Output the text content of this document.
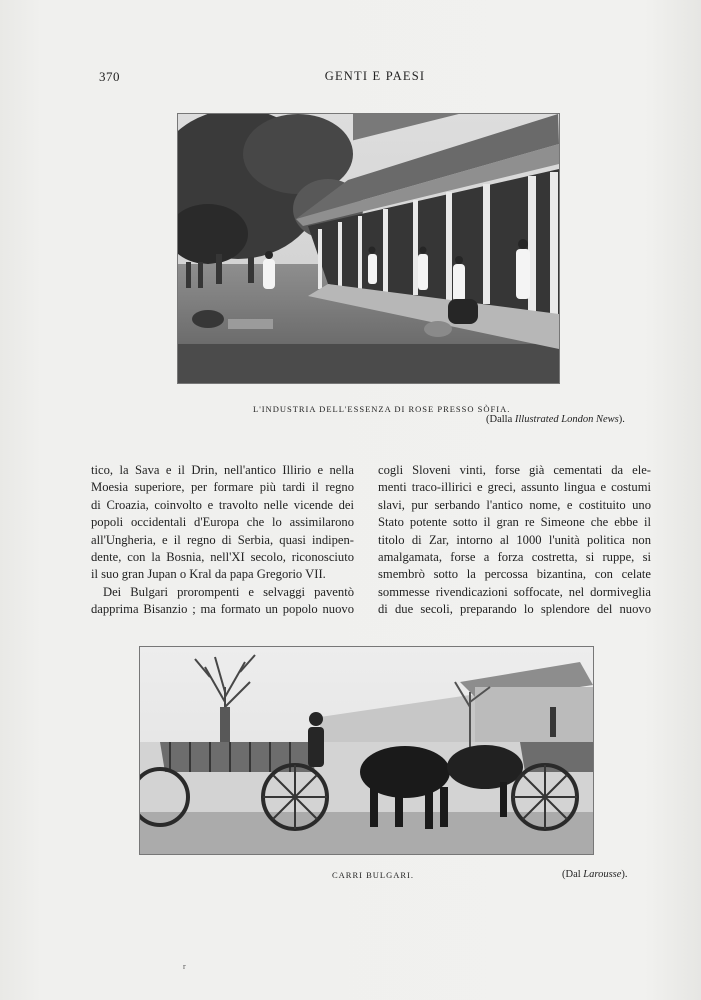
370	GENTI E PAESI
L'INDUSTRIA DELL'ESSENZA DI ROSE PRESSO SÒFIA.
(Dalla Illustrated London News).
tico, la Sava e il Drin, nell'antico Illirio e nella
Moesia superiore, per formare più tardi il regno
di Croazia, coinvolto e travolto nelle vicende dei
popoli occidentali d'Europa che lo assimilarono
all'Ungheria, e il regno di Serbia, quasi indipen-
dente, con la Bosnia, nell'XI secolo, riconosciuto
il suo gran Jupan o Kral da papa Gregorio VII.
Dei Bulgari prorompenti e selvaggi paventò
dapprima Bisanzio ; ma formato un popolo nuovo
cogli Sloveni vinti, forse già cementati da ele-
menti traco-illirici e greci, assunto lingua e costumi
slavi, pur serbando l'antico nome, e costituito uno
Stato potente sotto il gran re Simeone che ebbe il
titolo di Zar, intorno al 1000 l'unità politica non
amalgamata, forse a forza costretta, si ruppe, si
smembrò sotto la percossa bizantina, con celate
sommesse rivendicazioni soffocate, nel dormiveglia
di due secoli, preparando lo splendore del nuovo
CARRI BULGARI.	(Dal Larousse).
r
